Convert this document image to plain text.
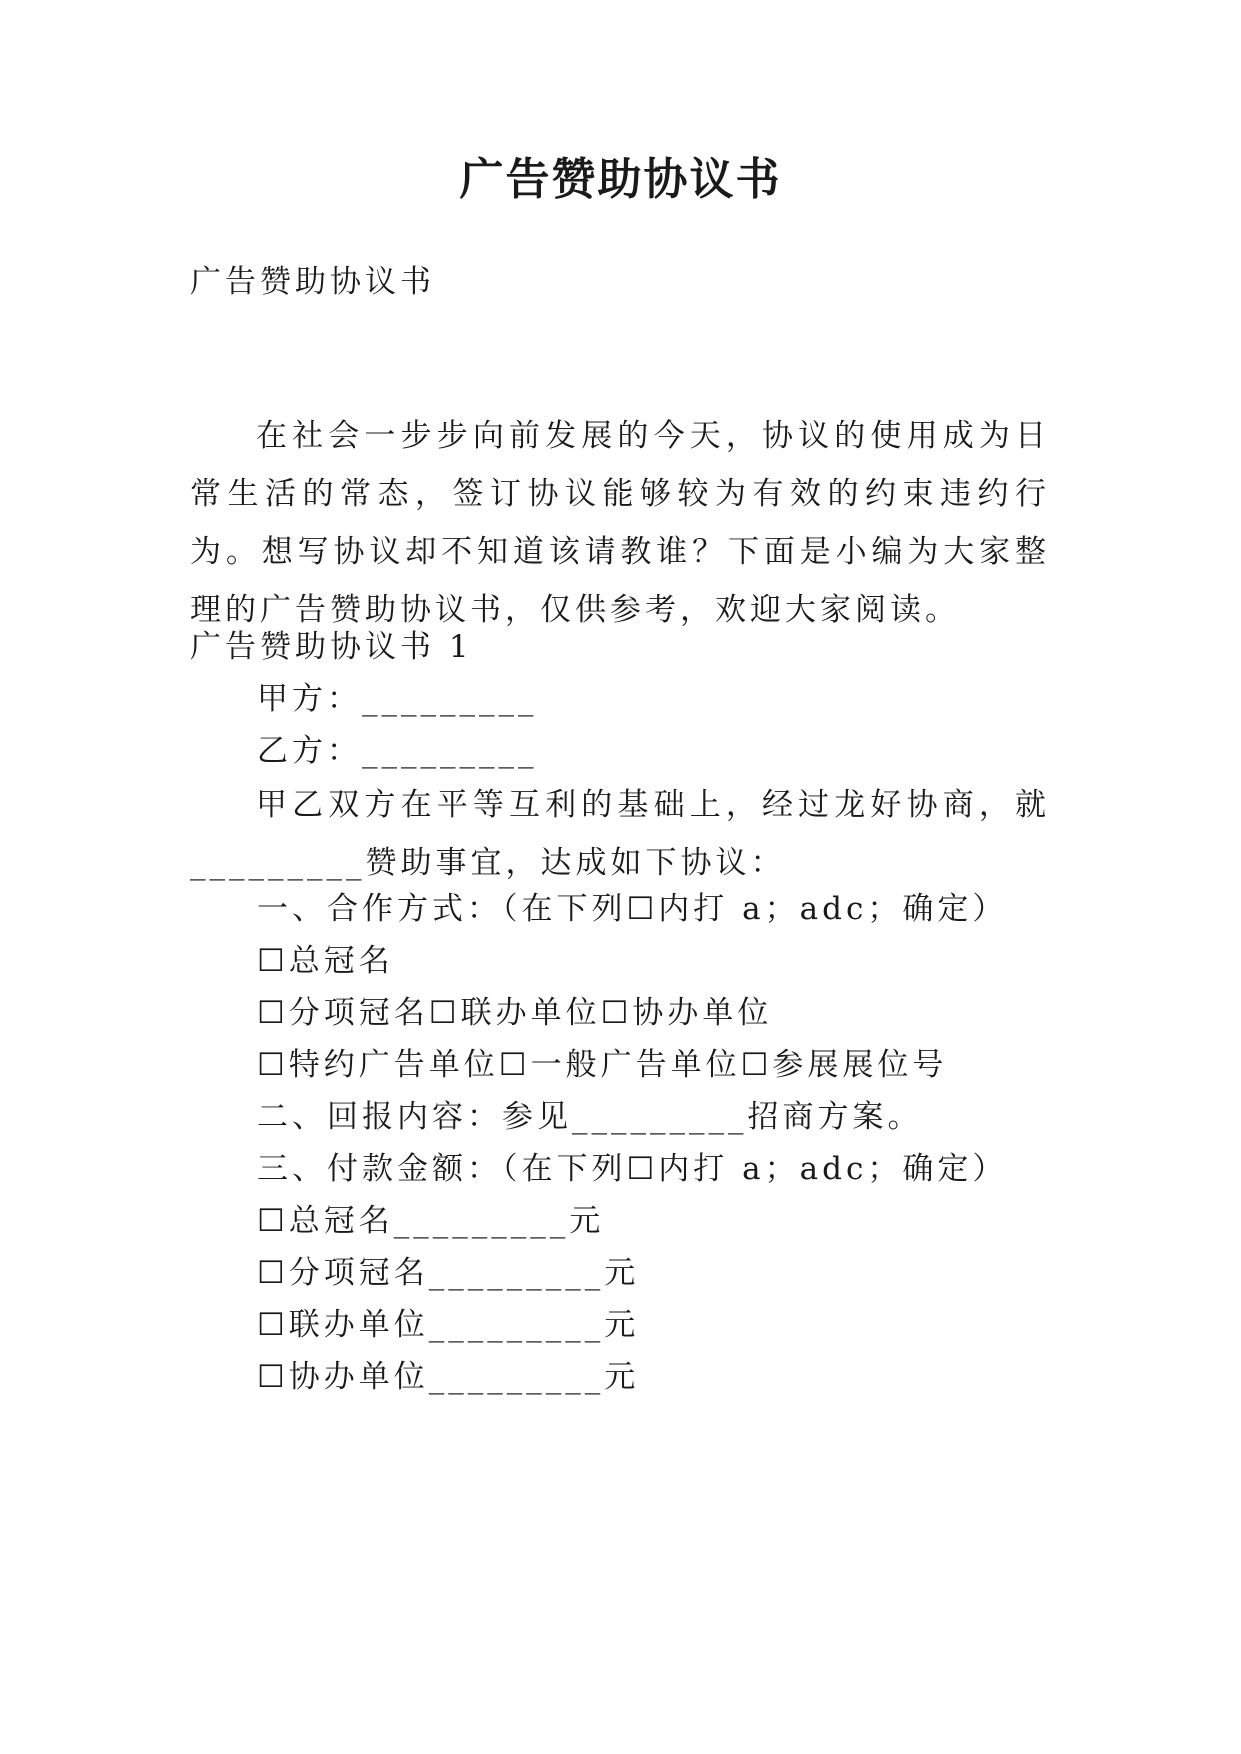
广告赞助协议书
广告赞助协议书
在社会一步步向前发展的今天，协议的使用成为日常生活的常态，签订协议能够较为有效的约束违约行为。想写协议却不知道该请教谁？下面是小编为大家整理的广告赞助协议书，仅供参考，欢迎大家阅读。
广告赞助协议书 1
甲方：_________
乙方：_________
甲乙双方在平等互利的基础上，经过龙好协商，就_________赞助事宜，达成如下协议：
一、合作方式：（在下列☐内打 a；adc；确定）
☐总冠名
☐分项冠名☐联办单位☐协办单位
☐特约广告单位☐一般广告单位☐参展展位号
二、回报内容：参见_________招商方案。
三、付款金额：（在下列☐内打 a；adc；确定）
☐总冠名_________元
☐分项冠名_________元
☐联办单位_________元
☐协办单位_________元
